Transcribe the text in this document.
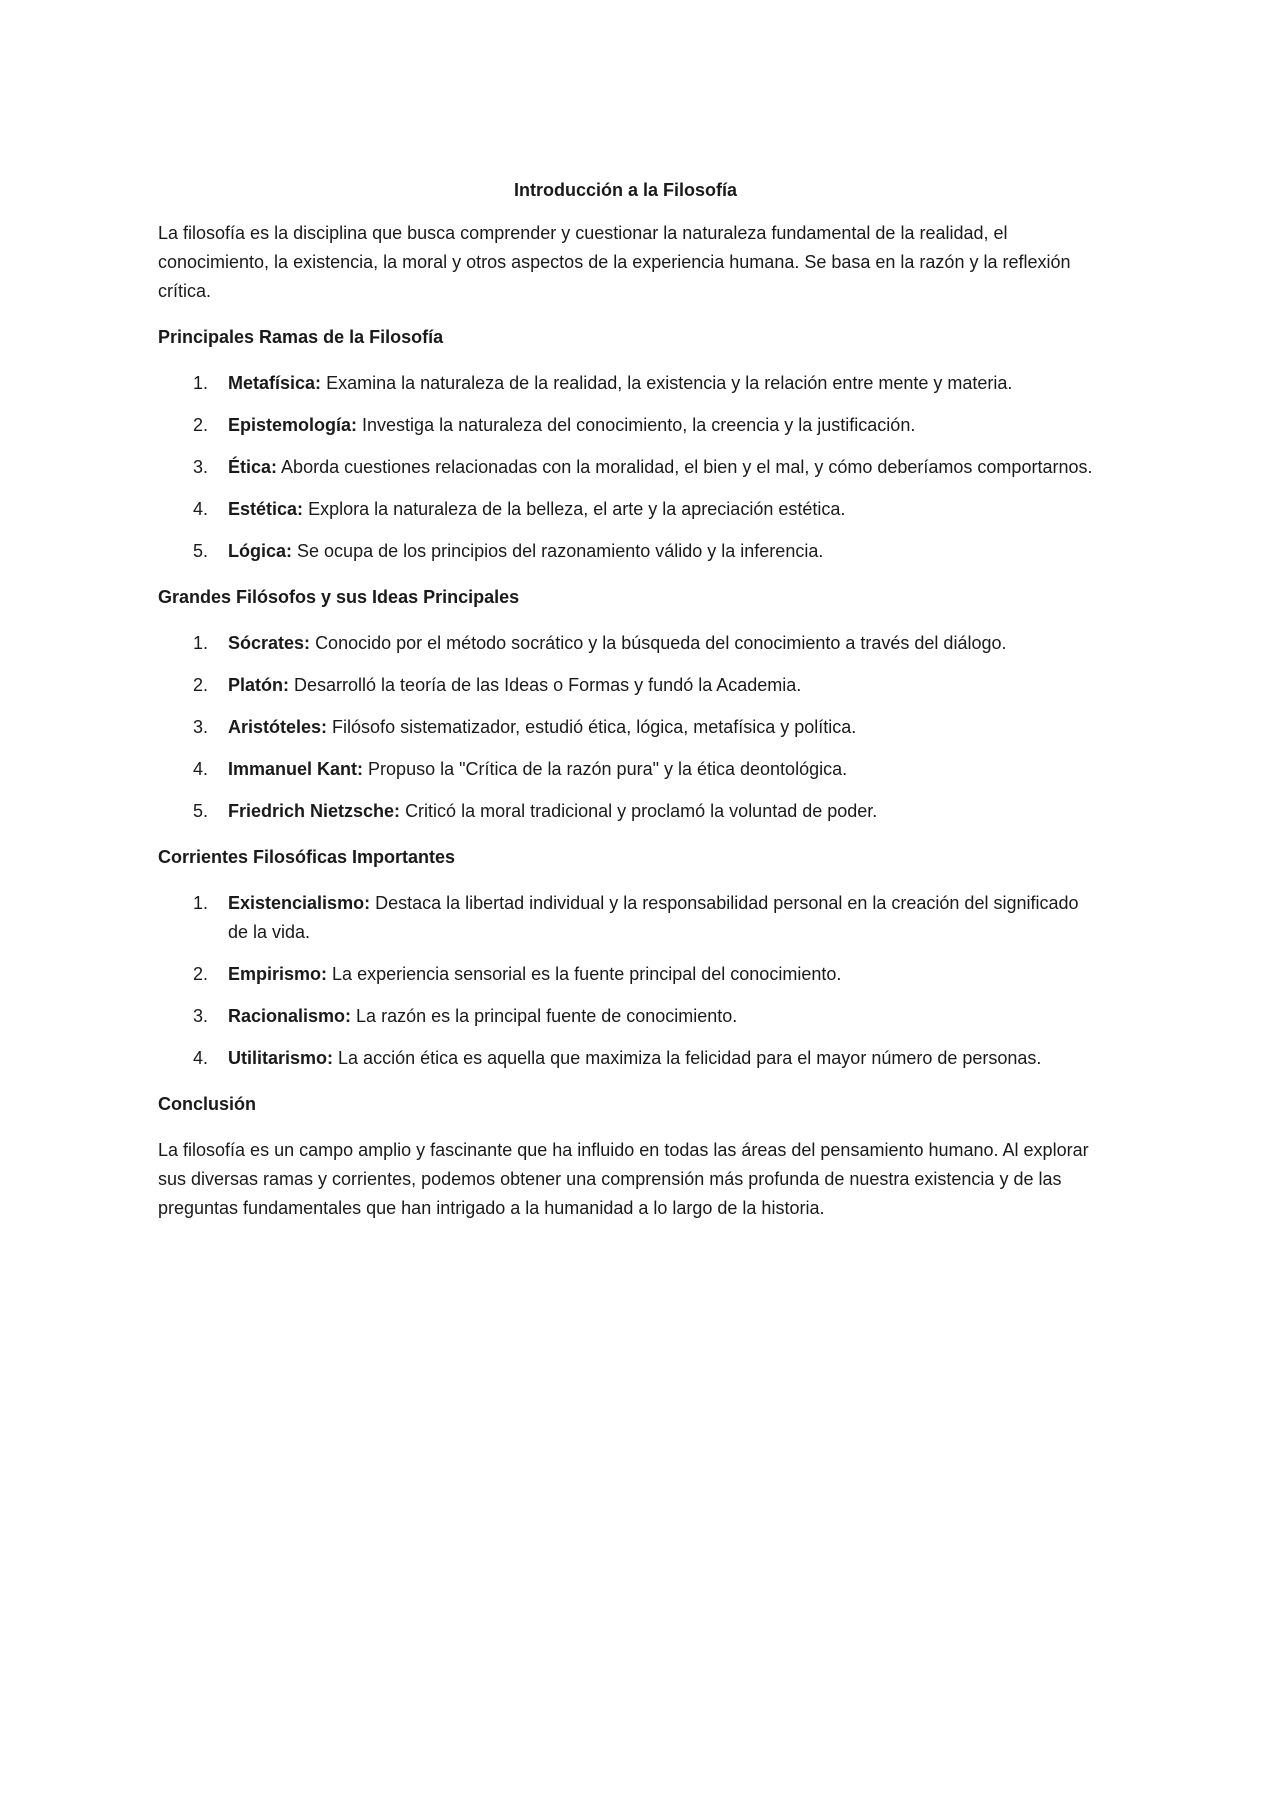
Introducción a la Filosofía

La filosofía es la disciplina que busca comprender y cuestionar la naturaleza fundamental de la realidad, el conocimiento, la existencia, la moral y otros aspectos de la experiencia humana. Se basa en la razón y la reflexión crítica.

Principales Ramas de la Filosofía
1. Metafísica: Examina la naturaleza de la realidad, la existencia y la relación entre mente y materia.
2. Epistemología: Investiga la naturaleza del conocimiento, la creencia y la justificación.
3. Ética: Aborda cuestiones relacionadas con la moralidad, el bien y el mal, y cómo deberíamos comportarnos.
4. Estética: Explora la naturaleza de la belleza, el arte y la apreciación estética.
5. Lógica: Se ocupa de los principios del razonamiento válido y la inferencia.
Grandes Filósofos y sus Ideas Principales
1. Sócrates: Conocido por el método socrático y la búsqueda del conocimiento a través del diálogo.
2. Platón: Desarrolló la teoría de las Ideas o Formas y fundó la Academia.
3. Aristóteles: Filósofo sistematizador, estudió ética, lógica, metafísica y política.
4. Immanuel Kant: Propuso la "Crítica de la razón pura" y la ética deontológica.
5. Friedrich Nietzsche: Criticó la moral tradicional y proclamó la voluntad de poder.
Corrientes Filosóficas Importantes
1. Existencialismo: Destaca la libertad individual y la responsabilidad personal en la creación del significado de la vida.
2. Empirismo: La experiencia sensorial es la fuente principal del conocimiento.
3. Racionalismo: La razón es la principal fuente de conocimiento.
4. Utilitarismo: La acción ética es aquella que maximiza la felicidad para el mayor número de personas.
Conclusión

La filosofía es un campo amplio y fascinante que ha influido en todas las áreas del pensamiento humano. Al explorar sus diversas ramas y corrientes, podemos obtener una comprensión más profunda de nuestra existencia y de las preguntas fundamentales que han intrigado a la humanidad a lo largo de la historia.
